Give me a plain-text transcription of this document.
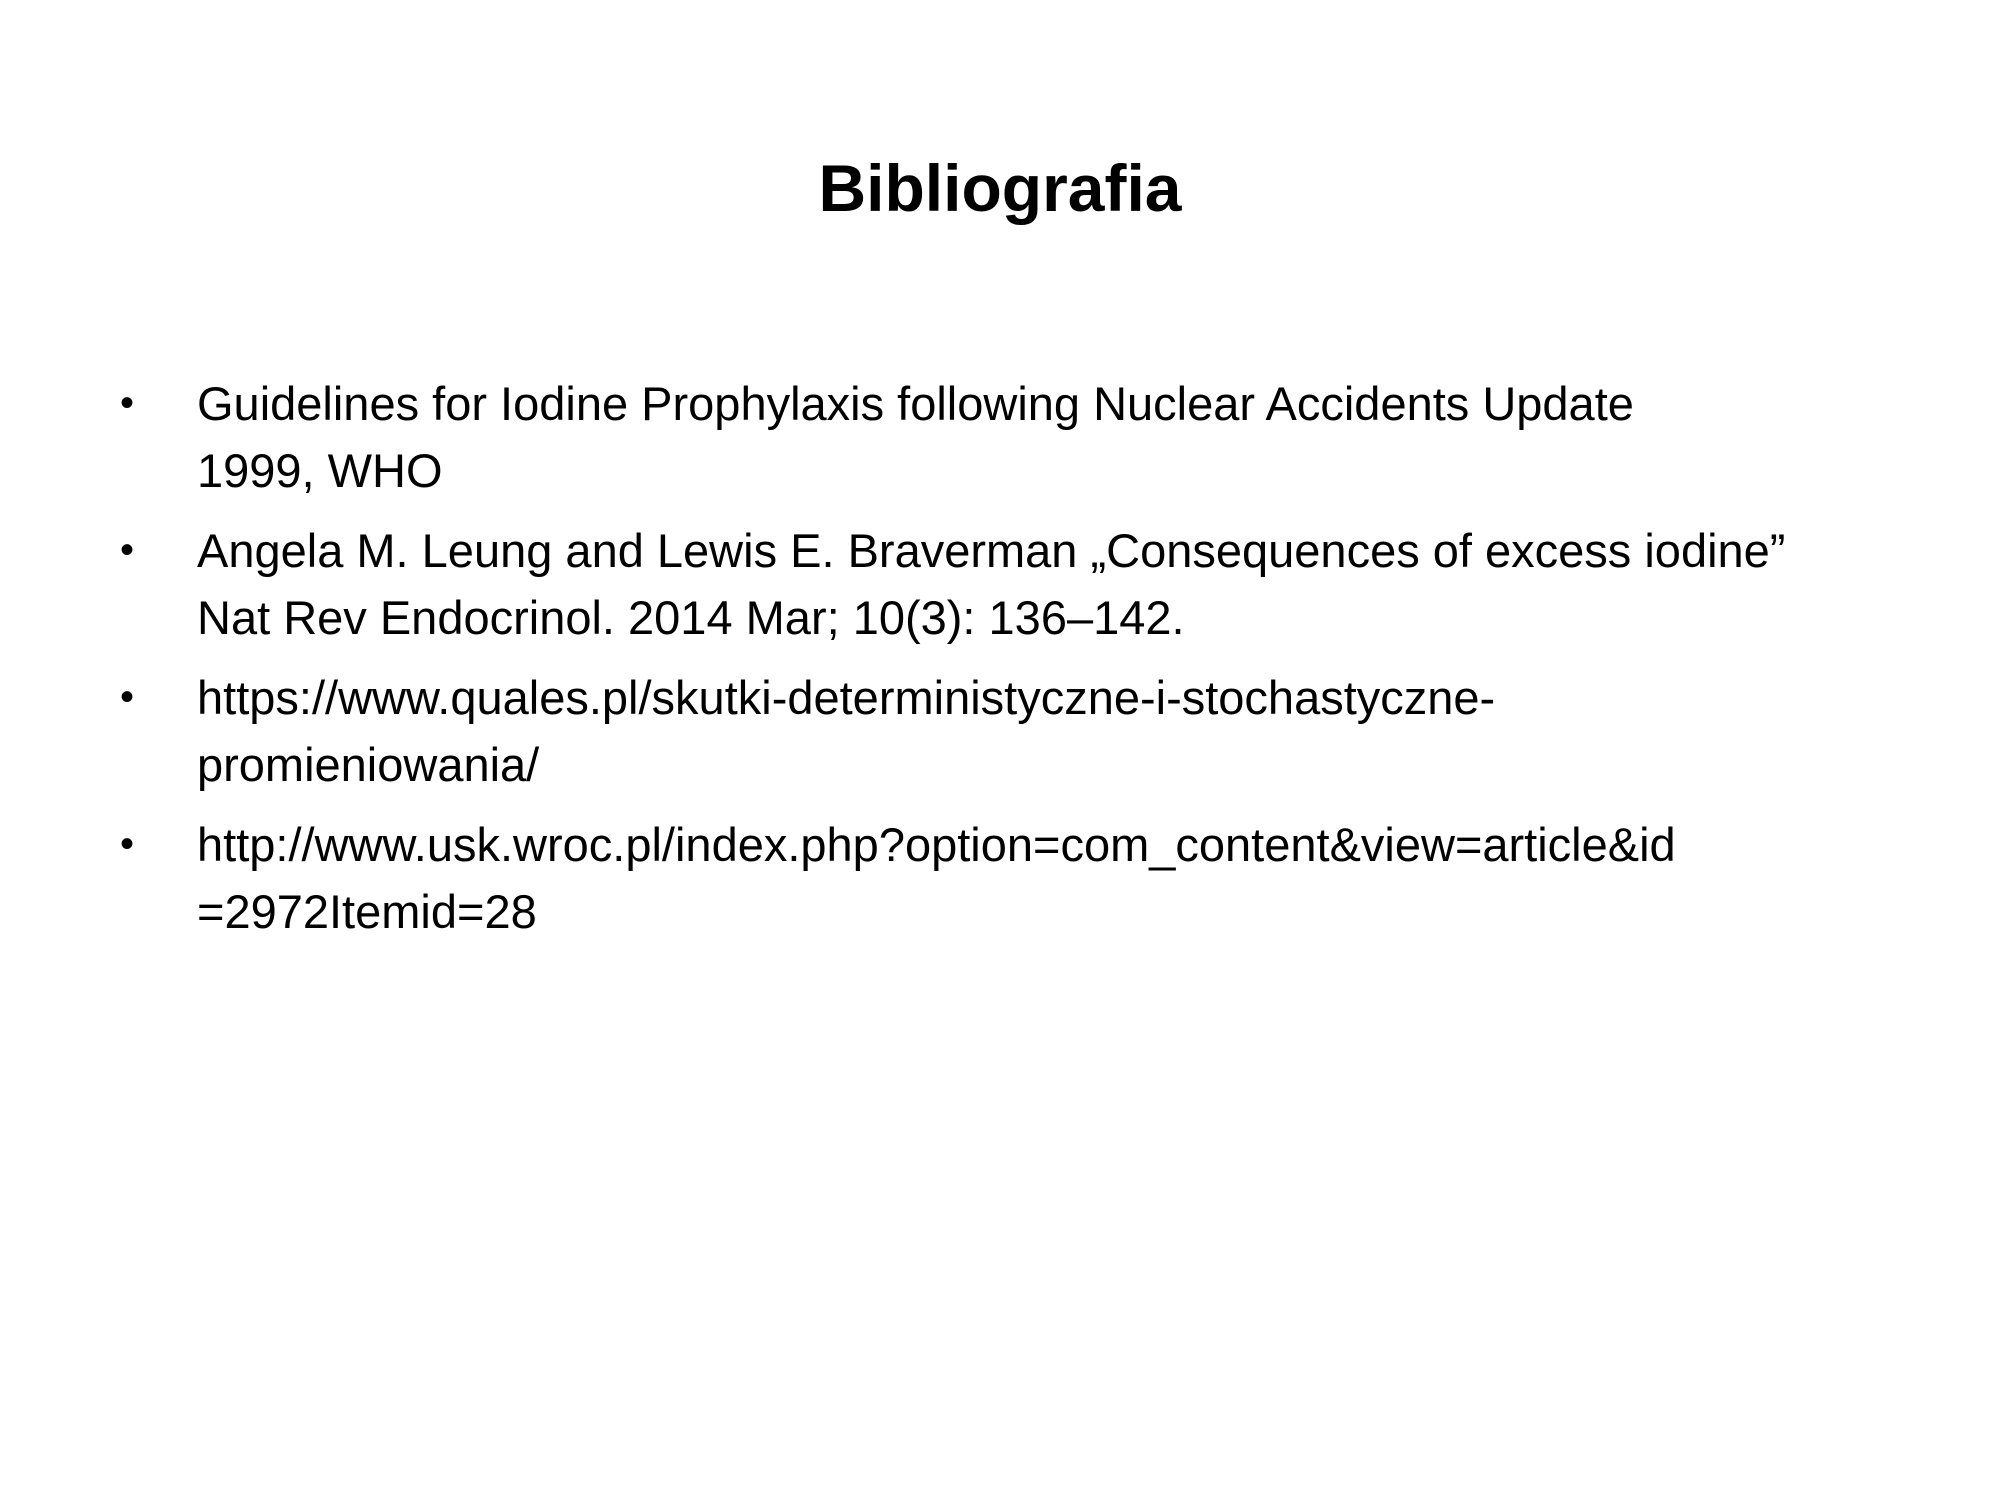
Bibliografia
• Guidelines for Iodine Prophylaxis following Nuclear Accidents Update
1999, WHO
• Angela M. Leung and Lewis E. Braverman „Consequences of excess iodine”
Nat Rev Endocrinol. 2014 Mar; 10(3): 136–142.
• https://www.quales.pl/skutki-deterministyczne-i-stochastyczne-
promieniowania/
• http://www.usk.wroc.pl/index.php?option=com_content&view=article&id
=2972Itemid=28
